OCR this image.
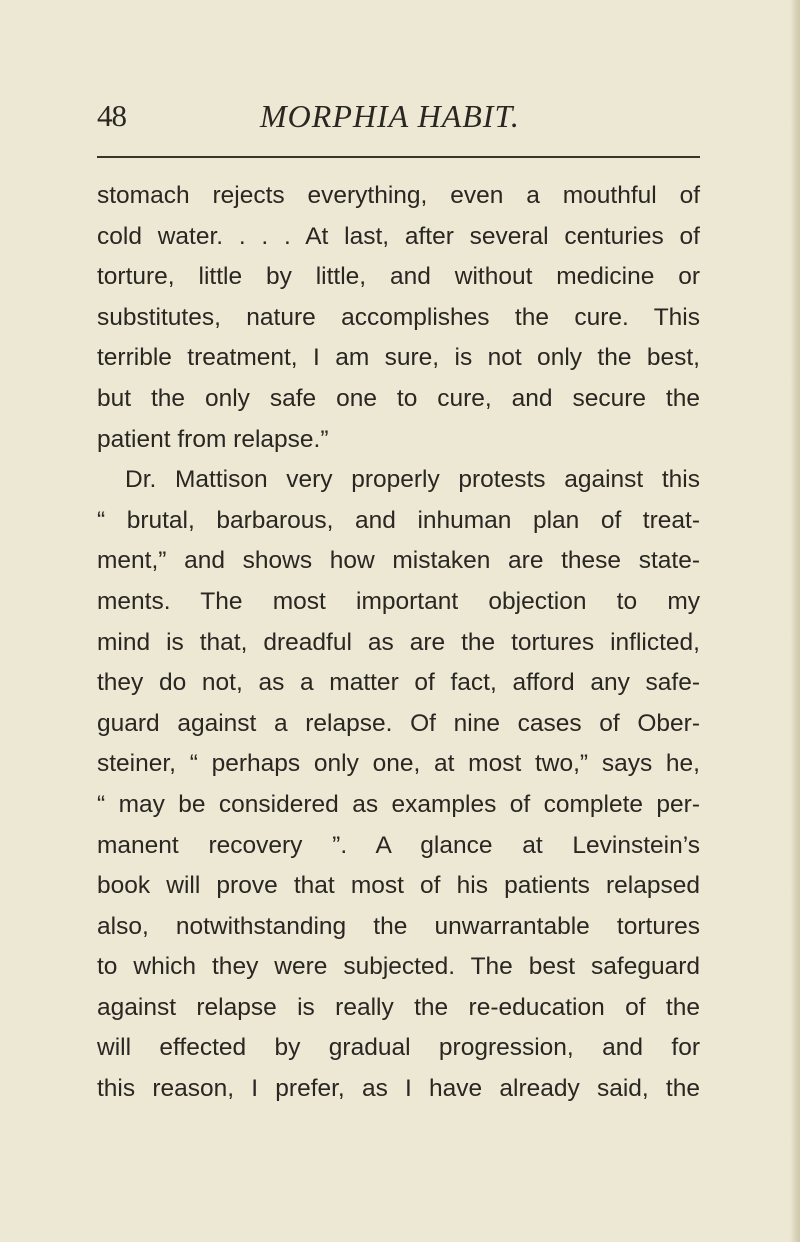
48	MORPHIA HABIT.
stomach rejects everything, even a mouthful of
cold water. . . . At last, after several centuries of
torture, little by little, and without medicine or
substitutes, nature accomplishes the cure. This
terrible treatment, I am sure, is not only the best,
but the only safe one to cure, and secure the
patient from relapse.”
Dr. Mattison very properly protests against this
“ brutal, barbarous, and inhuman plan of treat-
ment,” and shows how mistaken are these state-
ments. The most important objection to my
mind is that, dreadful as are the tortures inflicted,
they do not, as a matter of fact, afford any safe-
guard against a relapse. Of nine cases of Ober-
steiner, “ perhaps only one, at most two,” says he,
“ may be considered as examples of complete per-
manent recovery ”. A glance at Levinstein’s
book will prove that most of his patients relapsed
also, notwithstanding the unwarrantable tortures
to which they were subjected. The best safeguard
against relapse is really the re-education of the
will effected by gradual progression, and for
this reason, I prefer, as I have already said, the
